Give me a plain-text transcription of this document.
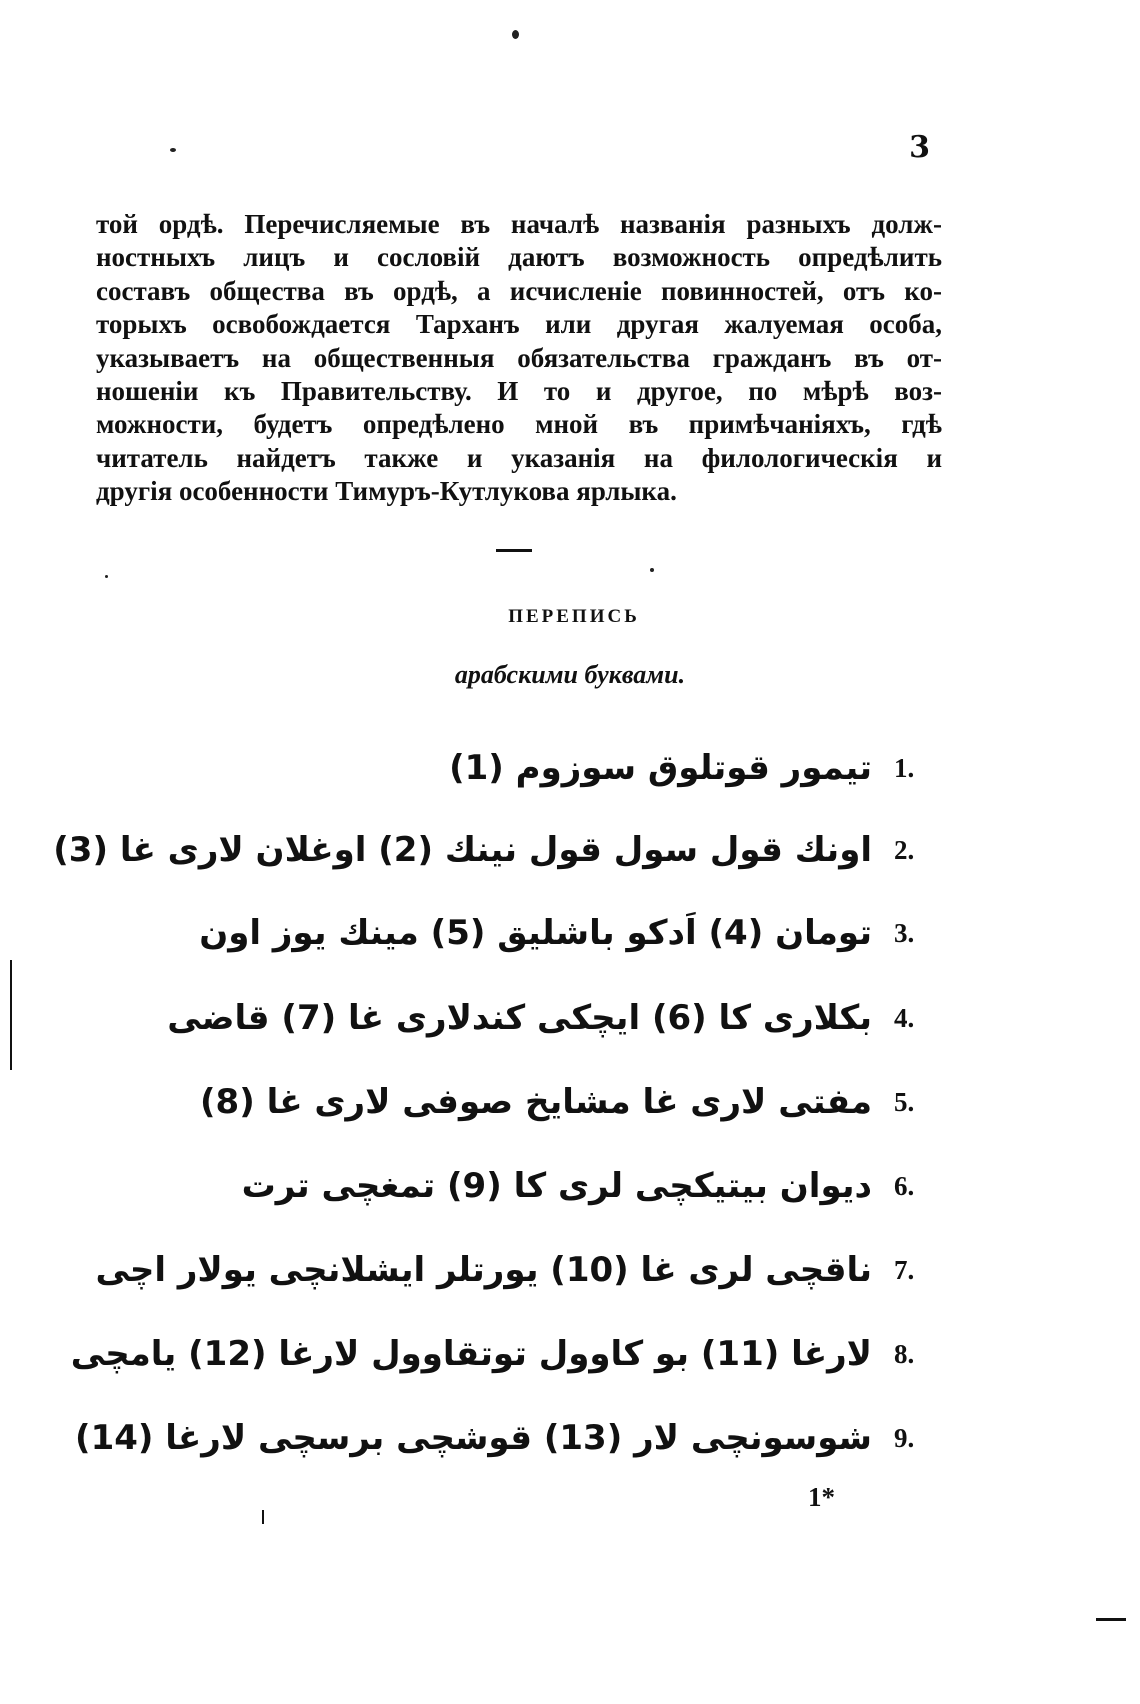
3
той ордѣ. Перечисляемые въ началѣ названія разныхъ долж-
ностныхъ лицъ и сословій даютъ возможность опредѣлить
составъ общества въ ордѣ, а исчисленіе повинностей, отъ ко-
торыхъ освобождается Тарханъ или другая жалуемая особа,
указываетъ на общественныя обязательства гражданъ въ от-
ношеніи къ Правительству. И то и другое, по мѣрѣ воз-
можности, будетъ опредѣлено мной въ примѣчаніяхъ, гдѣ
читатель найдетъ также и указанія на филологическія и
другія особенности Тимуръ-Кутлукова ярлыка.
ПЕРЕПИСЬ
арабскими буквами.
1.
تیمور قوتلوق سوزوم (1)
2.
اونك قول سول قول نینك (2) اوغلان لاری غا (3)
3.
تومان (4) اَدکو باشلیق (5) مینك یوز اون
4.
بکلاری کا (6) ایچکی کندلاری غا (7) قاضی
5.
مفتی لاری غا مشایخ صوفی لاری غا (8)
6.
دیوان بیتیکچی لری کا (9) تمغچی ترت
7.
ناقچی لری غا (10) یورتلر ایشلانچی یولار اچی
8.
لارغا (11) بو کاوول توتقاوول لارغا (12) یامچی
9.
شوسونچی لار (13) قوشچی برسچی لارغا (14)
1*
